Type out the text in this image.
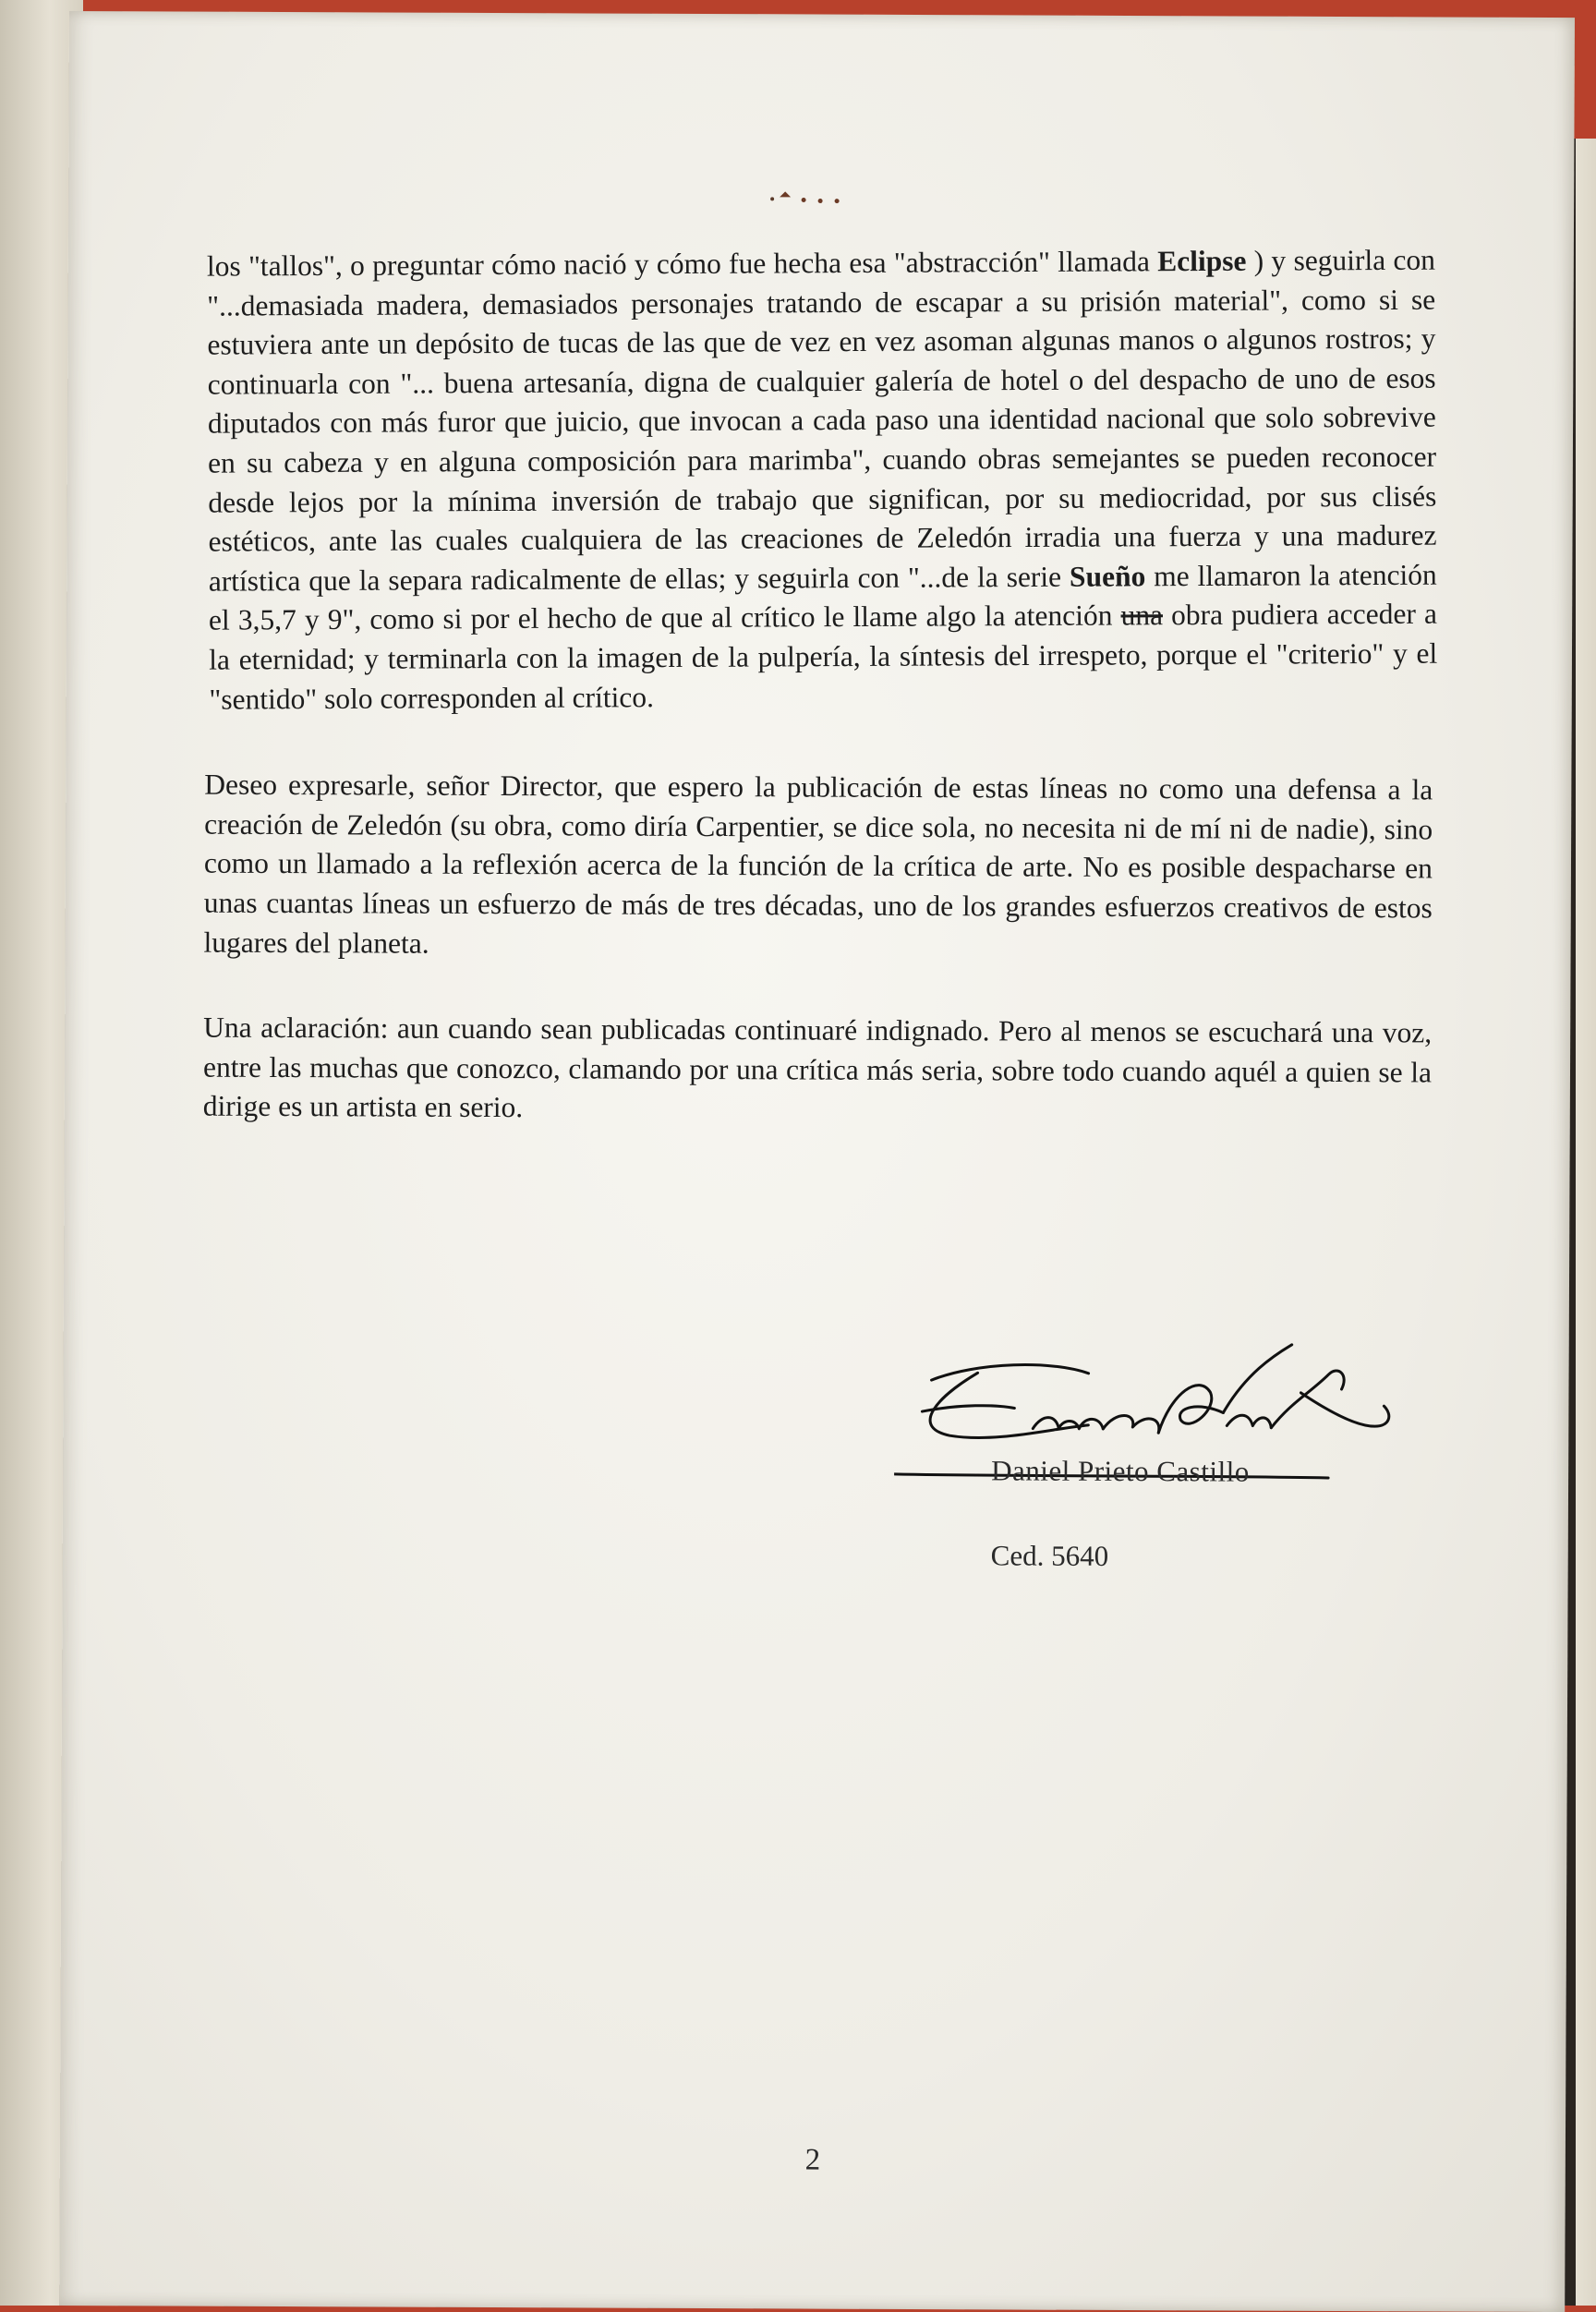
los "tallos", o preguntar cómo nació y cómo fue hecha esa "abstracción" llamada Eclipse ) y seguirla con "...demasiada madera, demasiados personajes tratando de escapar a su prisión material", como si se estuviera ante un depósito de tucas de las que de vez en vez asoman algunas manos o algunos rostros; y continuarla con "... buena artesanía, digna de cualquier galería de hotel o del despacho de uno de esos diputados con más furor que juicio, que invocan a cada paso una identidad nacional que solo sobrevive en su cabeza y en alguna composición para marimba", cuando obras semejantes se pueden reconocer desde lejos por la mínima inversión de trabajo que significan, por su mediocridad, por sus clisés estéticos, ante las cuales cualquiera de las creaciones de Zeledón irradia una fuerza y una madurez artística que la separa radicalmente de ellas; y seguirla con "...de la serie Sueño me llamaron la atención el 3,5,7 y 9", como si por el hecho de que al crítico le llame algo la atención una obra pudiera acceder a la eternidad; y terminarla con la imagen de la pulpería, la síntesis del irrespeto, porque el "criterio" y el "sentido" solo corresponden al crítico.

Deseo expresarle, señor Director, que espero la publicación de estas líneas no como una defensa a la creación de Zeledón (su obra, como diría Carpentier, se dice sola, no necesita ni de mí ni de nadie), sino como un llamado a la reflexión acerca de la función de la crítica de arte. No es posible despacharse en unas cuantas líneas un esfuerzo de más de tres décadas, uno de los grandes esfuerzos creativos de estos lugares del planeta.

Una aclaración: aun cuando sean publicadas continuaré indignado. Pero al menos se escuchará una voz, entre las muchas que conozco, clamando por una crítica más seria, sobre todo cuando aquél a quien se la dirige es un artista en serio.

Daniel Prieto Castillo
Ced. 5640
2
